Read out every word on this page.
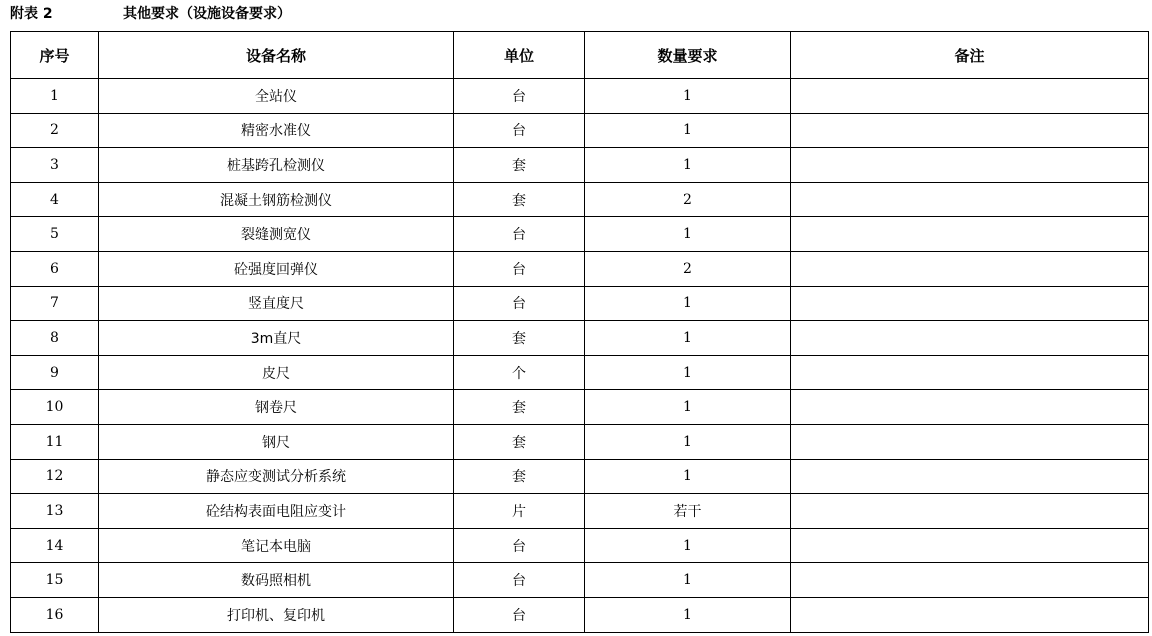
附表 2	其他要求（设施设备要求）
序号	设备名称	单位	数量要求	备注
1	全站仪	台	1	
2	精密水准仪	台	1	
3	桩基跨孔检测仪	套	1	
4	混凝土钢筋检测仪	套	2	
5	裂缝测宽仪	台	1	
6	砼强度回弹仪	台	2	
7	竖直度尺	台	1	
8	3m直尺	套	1	
9	皮尺	个	1	
10	钢卷尺	套	1	
11	钢尺	套	1	
12	静态应变测试分析系统	套	1	
13	砼结构表面电阻应变计	片	若干	
14	笔记本电脑	台	1	
15	数码照相机	台	1	
16	打印机、复印机	台	1	
